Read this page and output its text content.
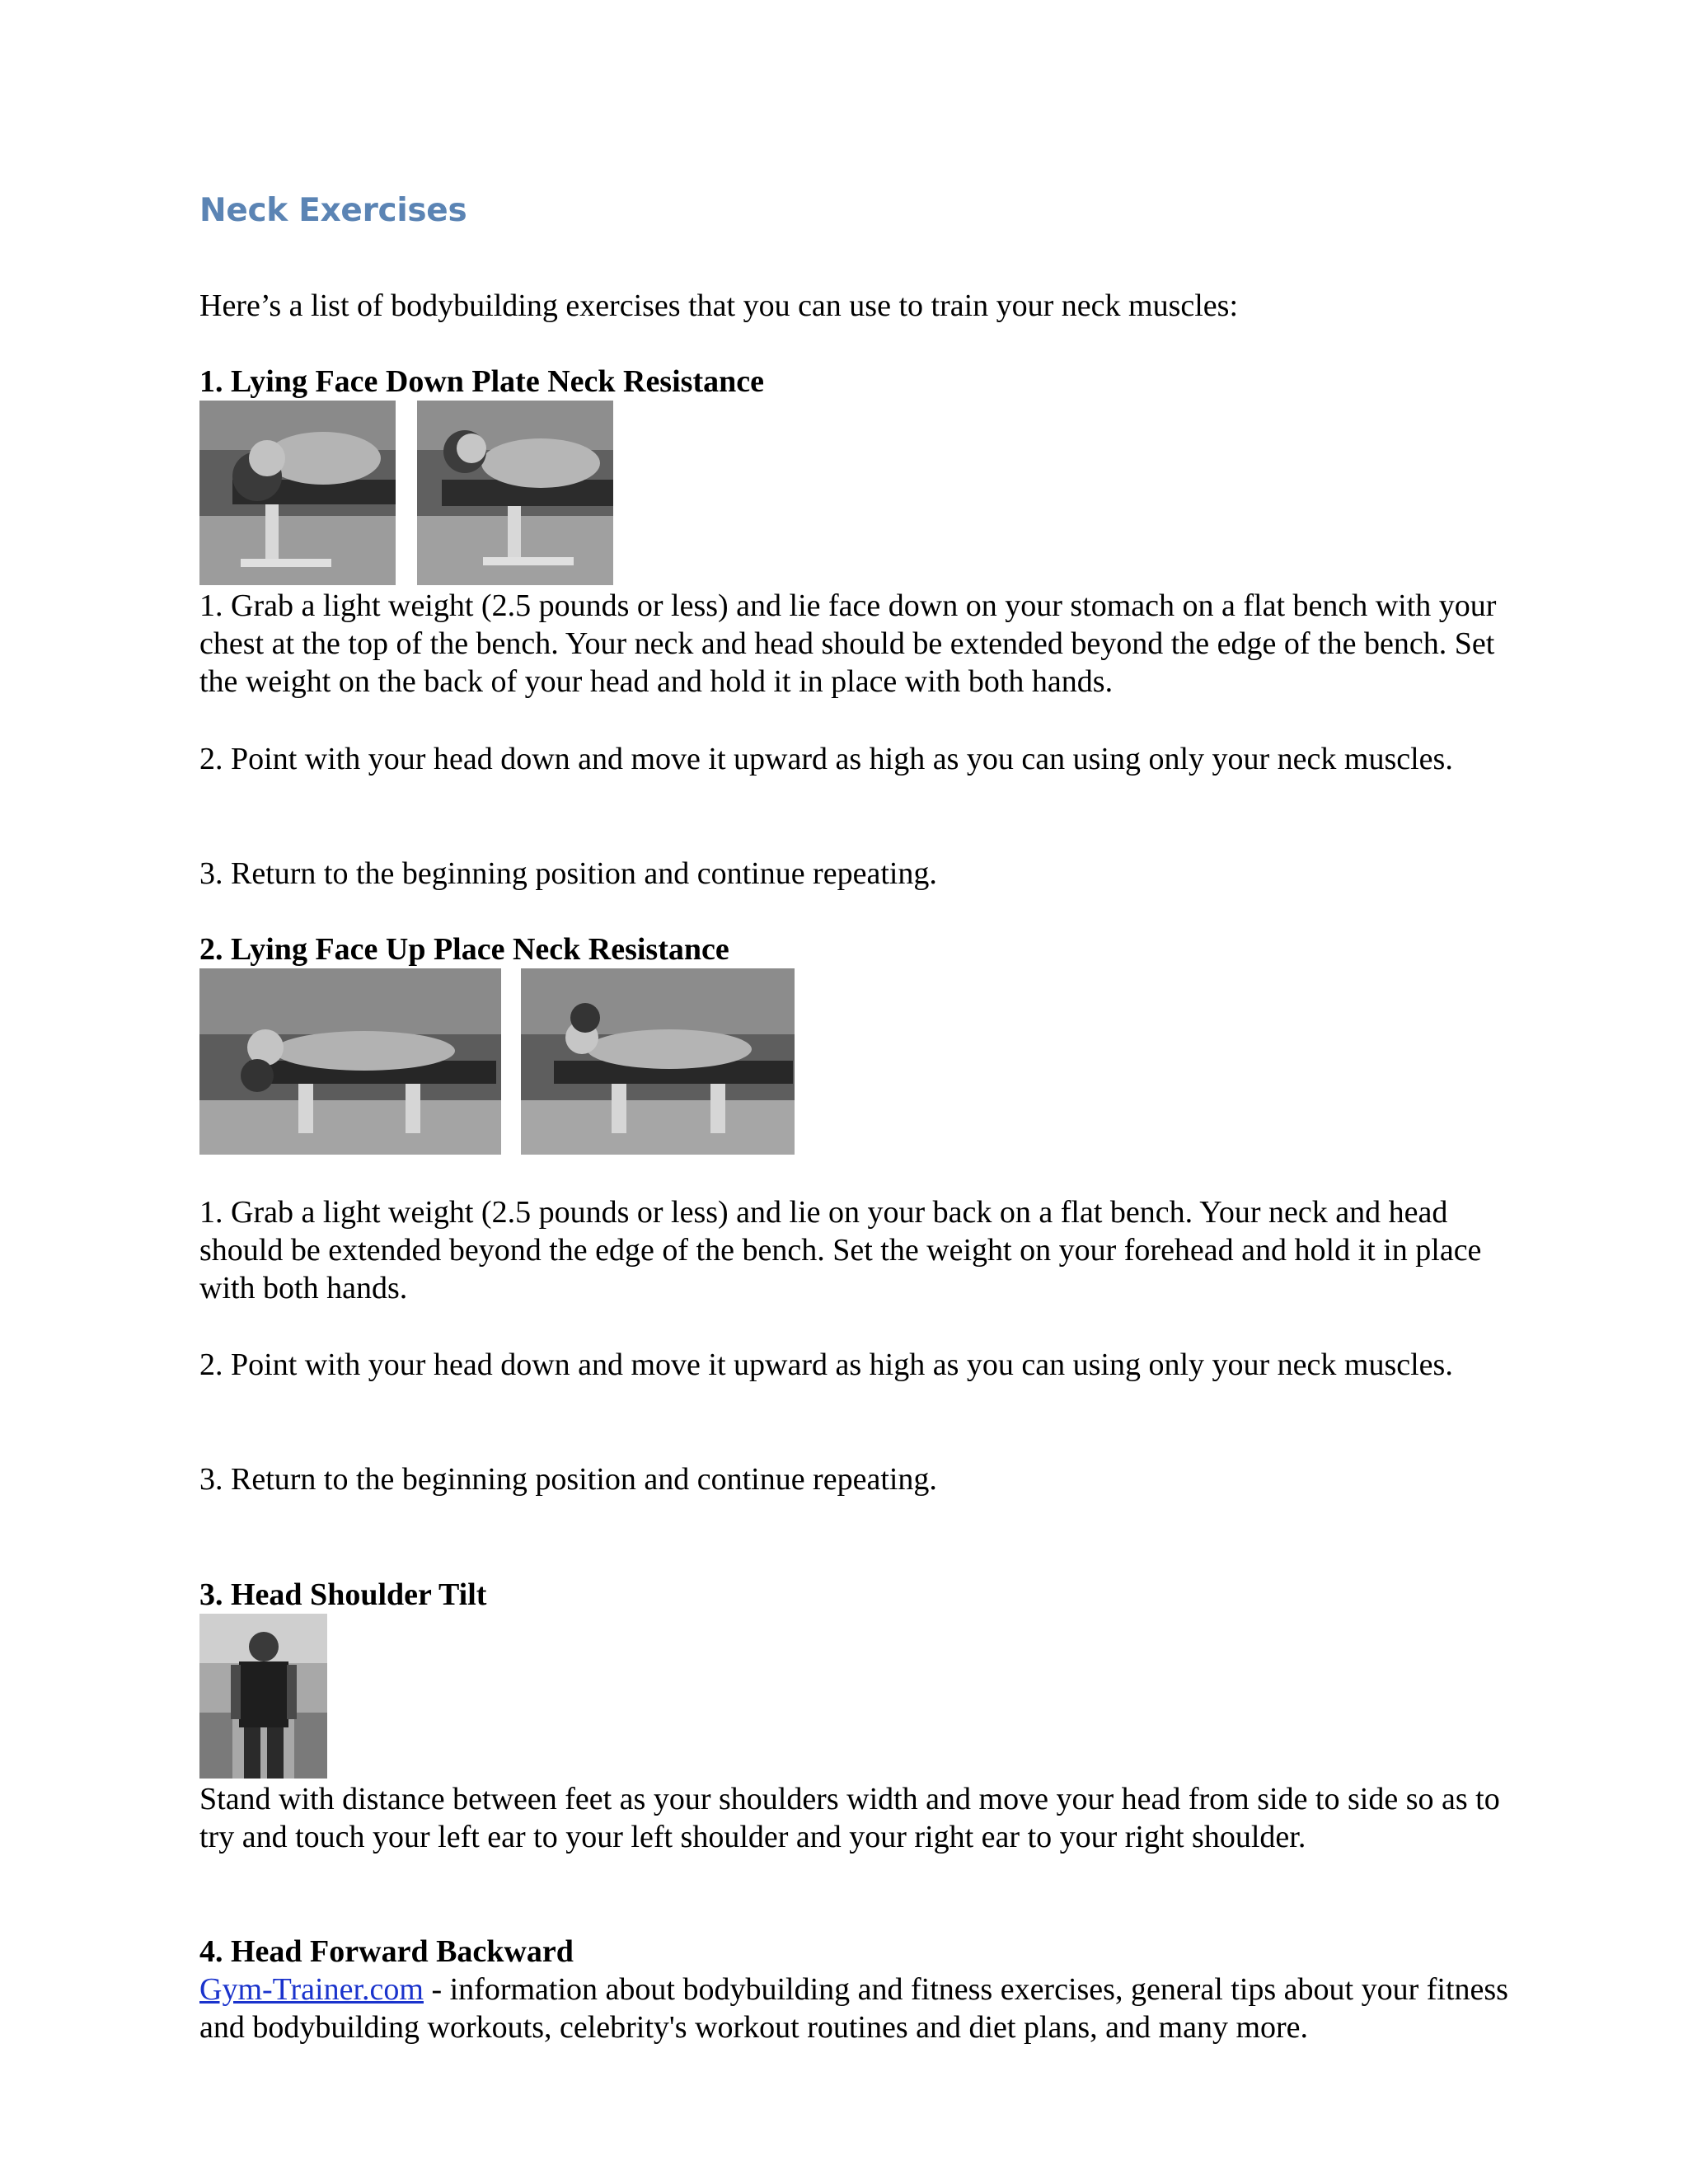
Neck Exercises

Here’s a list of bodybuilding exercises that you can use to train your neck muscles:

1. Lying Face Down Plate Neck Resistance

1. Grab a light weight (2.5 pounds or less) and lie face down on your stomach on a flat bench with your chest at the top of the bench. Your neck and head should be extended beyond the edge of the bench. Set the weight on the back of your head and hold it in place with both hands.

2. Point with your head down and move it upward as high as you can using only your neck muscles.

3. Return to the beginning position and continue repeating.

2. Lying Face Up Place Neck Resistance

1. Grab a light weight (2.5 pounds or less) and lie on your back on a flat bench. Your neck and head should be extended beyond the edge of the bench. Set the weight on your forehead and hold it in place with both hands.

2. Point with your head down and move it upward as high as you can using only your neck muscles.

3. Return to the beginning position and continue repeating.

3. Head Shoulder Tilt

Stand with distance between feet as your shoulders width and move your head from side to side so as to try and touch your left ear to your left shoulder and your right ear to your right shoulder.

4. Head Forward Backward

Gym-Trainer.com - information about bodybuilding and fitness exercises, general tips about your fitness and bodybuilding workouts, celebrity's workout routines and diet plans, and many more.
